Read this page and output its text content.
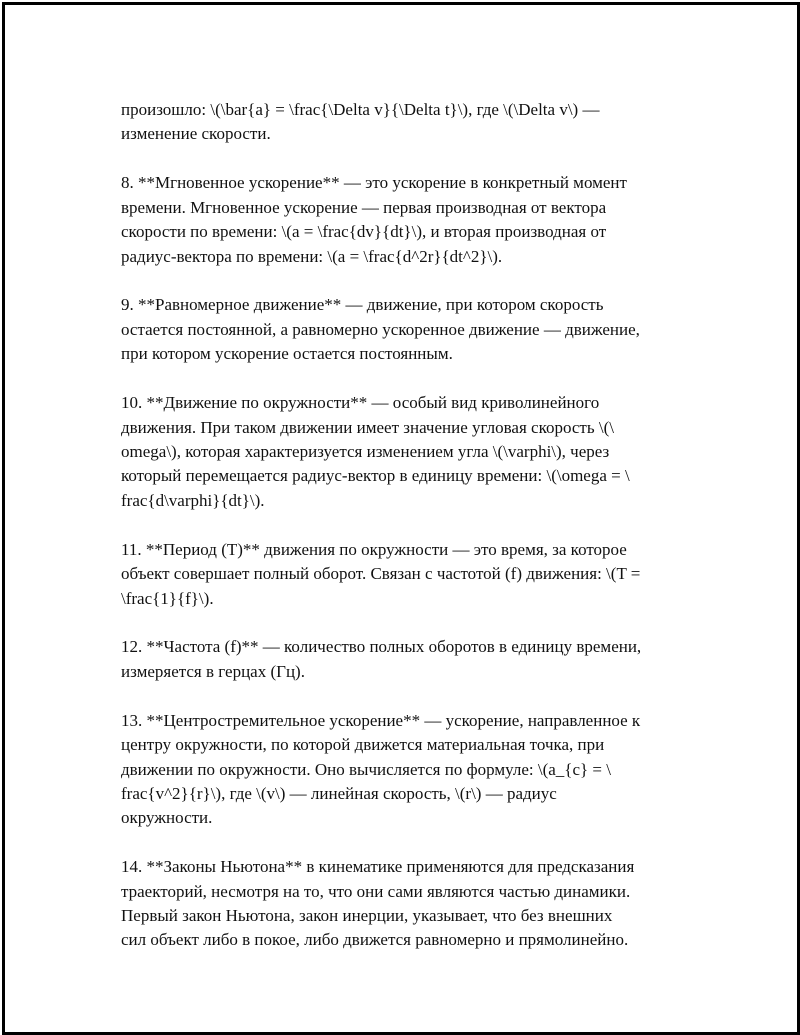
произошло: \(\bar{a} = \frac{\Delta v}{\Delta t}\), где \(\Delta v\) —
изменение скорости.
8. **Мгновенное ускорение** — это ускорение в конкретный момент
времени. Мгновенное ускорение — первая производная от вектора
скорости по времени: \(a = \frac{dv}{dt}\), и вторая производная от
радиус-вектора по времени: \(a = \frac{d^2r}{dt^2}\).
9. **Равномерное движение** — движение, при котором скорость
остается постоянной, а равномерно ускоренное движение — движение,
при котором ускорение остается постоянным.
10. **Движение по окружности** — особый вид криволинейного
движения. При таком движении имеет значение угловая скорость \(\
omega\), которая характеризуется изменением угла \(\varphi\), через
который перемещается радиус-вектор в единицу времени: \(\omega = \
frac{d\varphi}{dt}\).
11. **Период (T)** движения по окружности — это время, за которое
объект совершает полный оборот. Связан с частотой (f) движения: \(T =
\frac{1}{f}\).
12. **Частота (f)** — количество полных оборотов в единицу времени,
измеряется в герцах (Гц).
13. **Центростремительное ускорение** — ускорение, направленное к
центру окружности, по которой движется материальная точка, при
движении по окружности. Оно вычисляется по формуле: \(a_{c} = \
frac{v^2}{r}\), где \(v\) — линейная скорость, \(r\) — радиус
окружности.
14. **Законы Ньютона** в кинематике применяются для предсказания
траекторий, несмотря на то, что они сами являются частью динамики.
Первый закон Ньютона, закон инерции, указывает, что без внешних
сил объект либо в покое, либо движется равномерно и прямолинейно.
